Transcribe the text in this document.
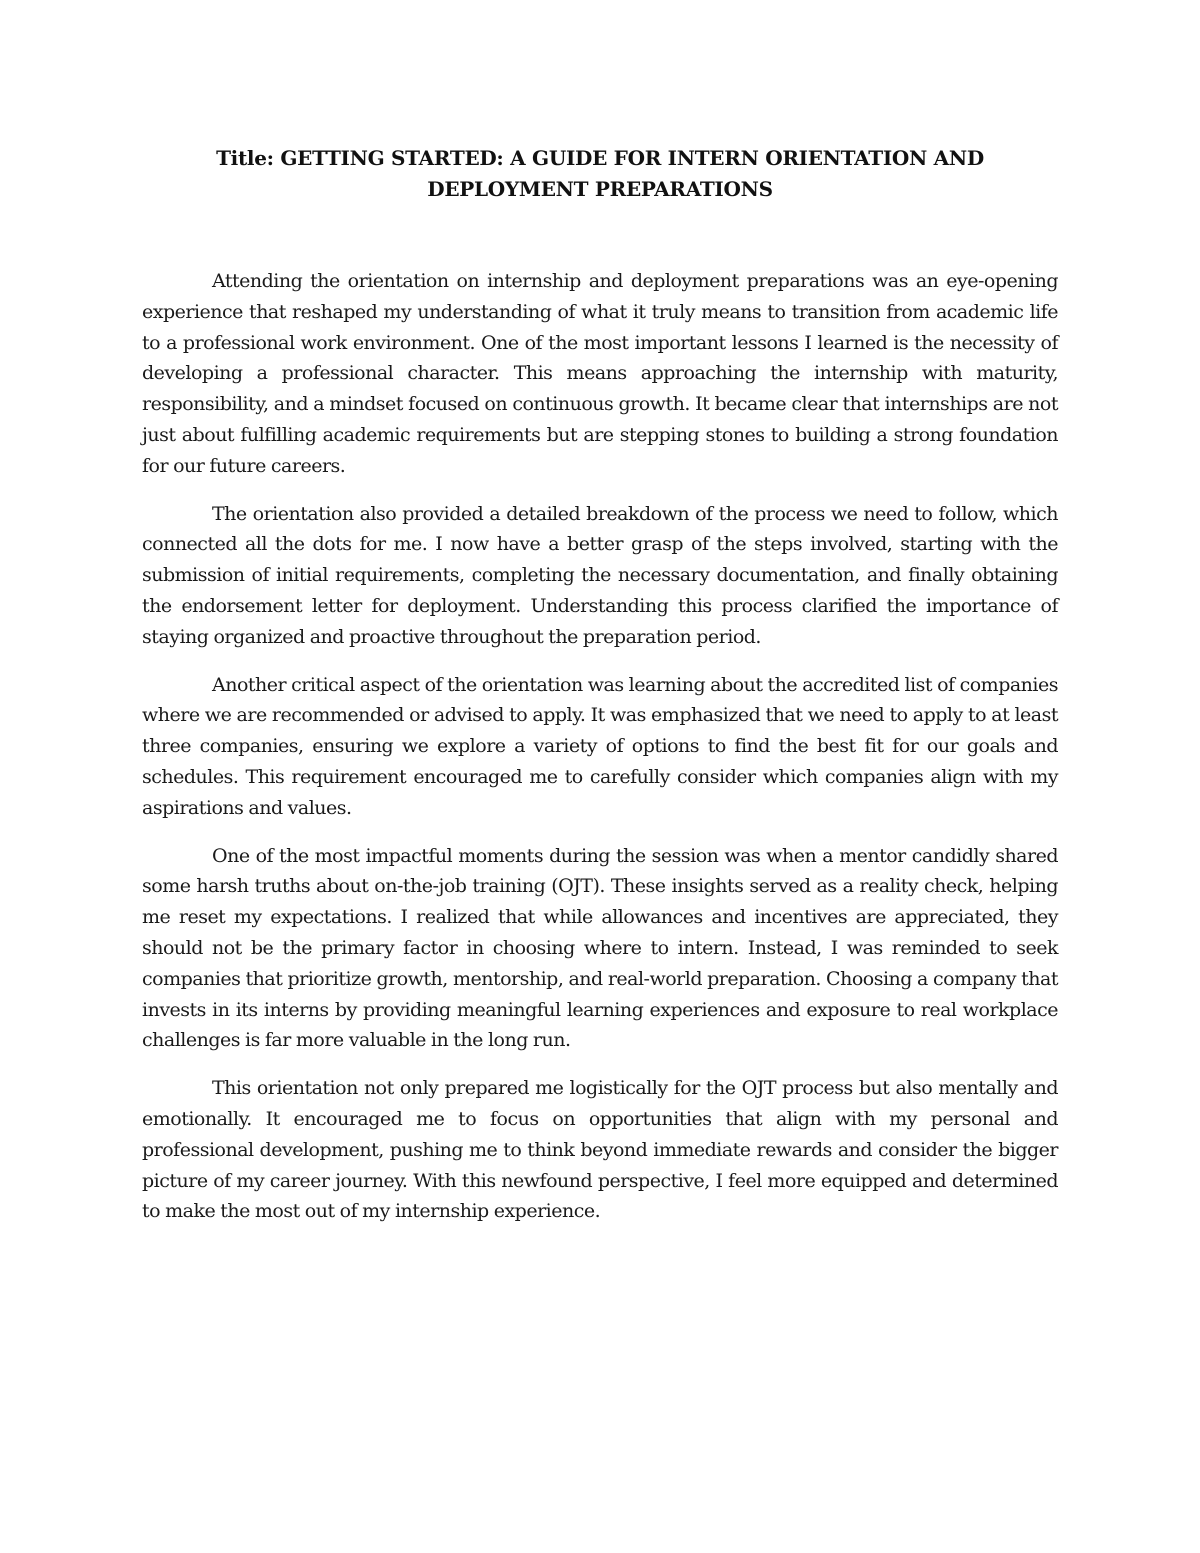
Title: GETTING STARTED: A GUIDE FOR INTERN ORIENTATION AND DEPLOYMENT PREPARATIONS

Attending the orientation on internship and deployment preparations was an eye-opening experience that reshaped my understanding of what it truly means to transition from academic life to a professional work environment. One of the most important lessons I learned is the necessity of developing a professional character. This means approaching the internship with maturity, responsibility, and a mindset focused on continuous growth. It became clear that internships are not just about fulfilling academic requirements but are stepping stones to building a strong foundation for our future careers.

The orientation also provided a detailed breakdown of the process we need to follow, which connected all the dots for me. I now have a better grasp of the steps involved, starting with the submission of initial requirements, completing the necessary documentation, and finally obtaining the endorsement letter for deployment. Understanding this process clarified the importance of staying organized and proactive throughout the preparation period.

Another critical aspect of the orientation was learning about the accredited list of companies where we are recommended or advised to apply. It was emphasized that we need to apply to at least three companies, ensuring we explore a variety of options to find the best fit for our goals and schedules. This requirement encouraged me to carefully consider which companies align with my aspirations and values.

One of the most impactful moments during the session was when a mentor candidly shared some harsh truths about on-the-job training (OJT). These insights served as a reality check, helping me reset my expectations. I realized that while allowances and incentives are appreciated, they should not be the primary factor in choosing where to intern. Instead, I was reminded to seek companies that prioritize growth, mentorship, and real-world preparation. Choosing a company that invests in its interns by providing meaningful learning experiences and exposure to real workplace challenges is far more valuable in the long run.

This orientation not only prepared me logistically for the OJT process but also mentally and emotionally. It encouraged me to focus on opportunities that align with my personal and professional development, pushing me to think beyond immediate rewards and consider the bigger picture of my career journey. With this newfound perspective, I feel more equipped and determined to make the most out of my internship experience.
